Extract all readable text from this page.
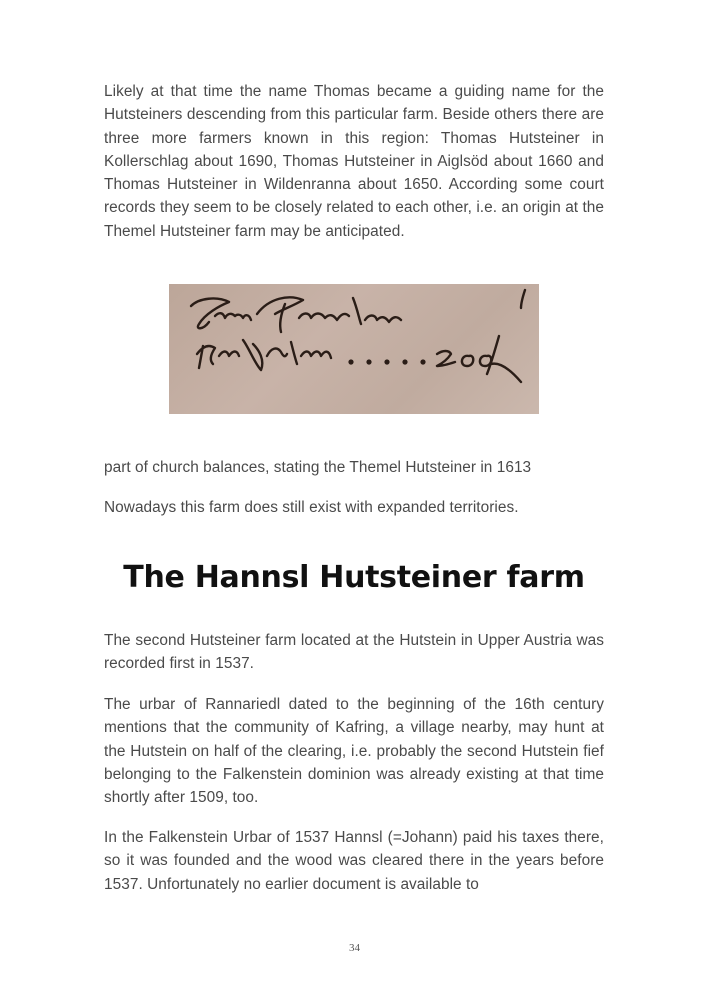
Likely at that time the name Thomas became a guiding name for the Hutsteiners descending from this particular farm. Beside others there are three more farmers known in this region: Thomas Hutsteiner in Kollerschlag about 1690, Thomas Hutsteiner in Aiglsöd about 1660 and Thomas Hutsteiner in Wildenranna about 1650. According some court records they seem to be closely related to each other, i.e. an origin at the Themel Hutsteiner farm may be anticipated.
part of church balances, stating the Themel Hutsteiner in 1613
Nowadays this farm does still exist with expanded territories.
The Hannsl Hutsteiner farm
The second Hutsteiner farm located at the Hutstein in Upper Austria was recorded first in 1537.
The urbar of Rannariedl dated to the beginning of the 16th century mentions that the community of Kafring, a village nearby, may hunt at the Hutstein on half of the clearing, i.e. probably the second Hutstein fief belonging to the Falkenstein dominion was already existing at that time shortly after 1509, too.
In the Falkenstein Urbar of 1537 Hannsl (=Johann) paid his taxes there, so it was founded and the wood was cleared there in the years before 1537. Unfortunately no earlier document is available to
34
